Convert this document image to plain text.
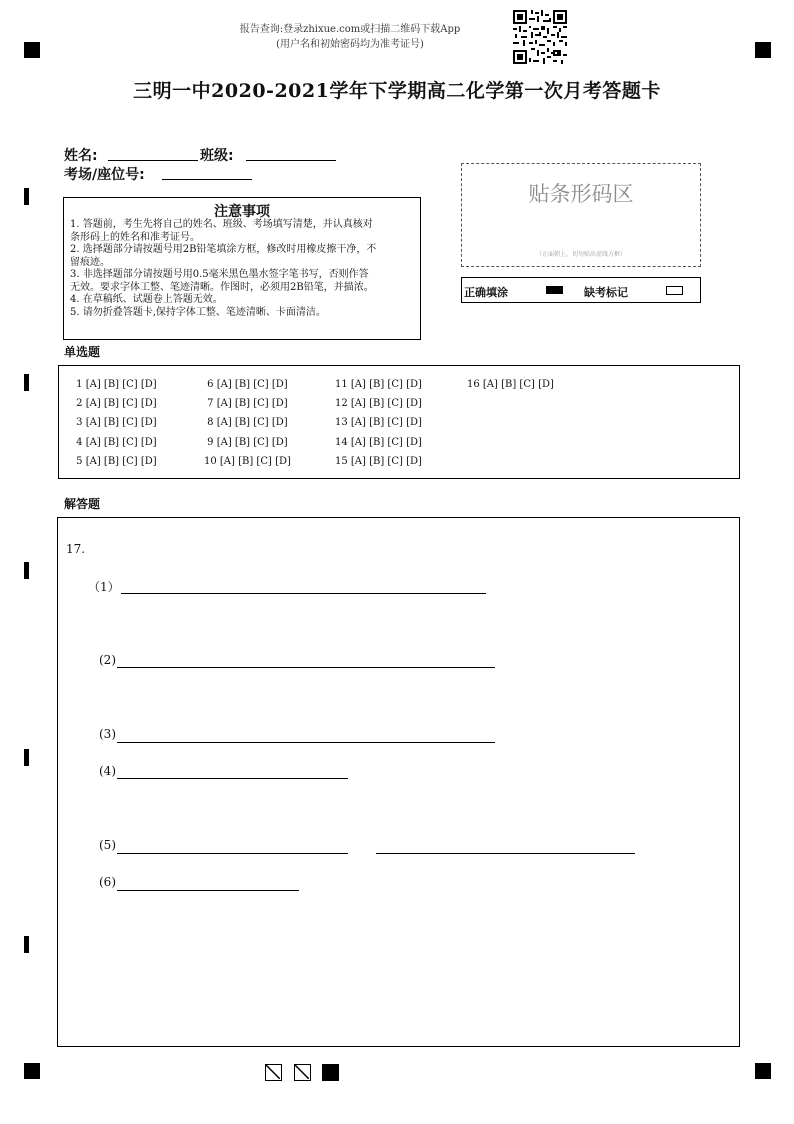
报告查询:登录zhixue.com或扫描二维码下载App
(用户名和初始密码均为准考证号)
三明一中2020-2021学年下学期高二化学第一次月考答题卡
姓名:	班级:
考场/座位号:
注意事项
1. 答题前，考生先将自己的姓名、班级、考场填写清楚，并认真核对
条形码上的姓名和准考证号。
2. 选择题部分请按题号用2B铅笔填涂方框，修改时用橡皮擦干净，不
留痕迹。
3. 非选择题部分请按题号用0.5毫米黑色墨水签字笔书写，否则作答
无效。要求字体工整、笔迹清晰。作图时，必须用2B铅笔，并描浓。
4. 在草稿纸、试题卷上答题无效。
5. 请勿折叠答题卡,保持字体工整、笔迹清晰、卡面清洁。
贴条形码区
（正面朝上，切勿贴出虚线方框）
正确填涂	缺考标记
单选题
1 [A] [B] [C] [D]
2 [A] [B] [C] [D]
3 [A] [B] [C] [D]
4 [A] [B] [C] [D]
5 [A] [B] [C] [D]
6 [A] [B] [C] [D]
7 [A] [B] [C] [D]
8 [A] [B] [C] [D]
9 [A] [B] [C] [D]
10 [A] [B] [C] [D]
11 [A] [B] [C] [D]
12 [A] [B] [C] [D]
13 [A] [B] [C] [D]
14 [A] [B] [C] [D]
15 [A] [B] [C] [D]
16 [A] [B] [C] [D]
解答题
17.
（1）
(2)
(3)
(4)
(5)
(6)
